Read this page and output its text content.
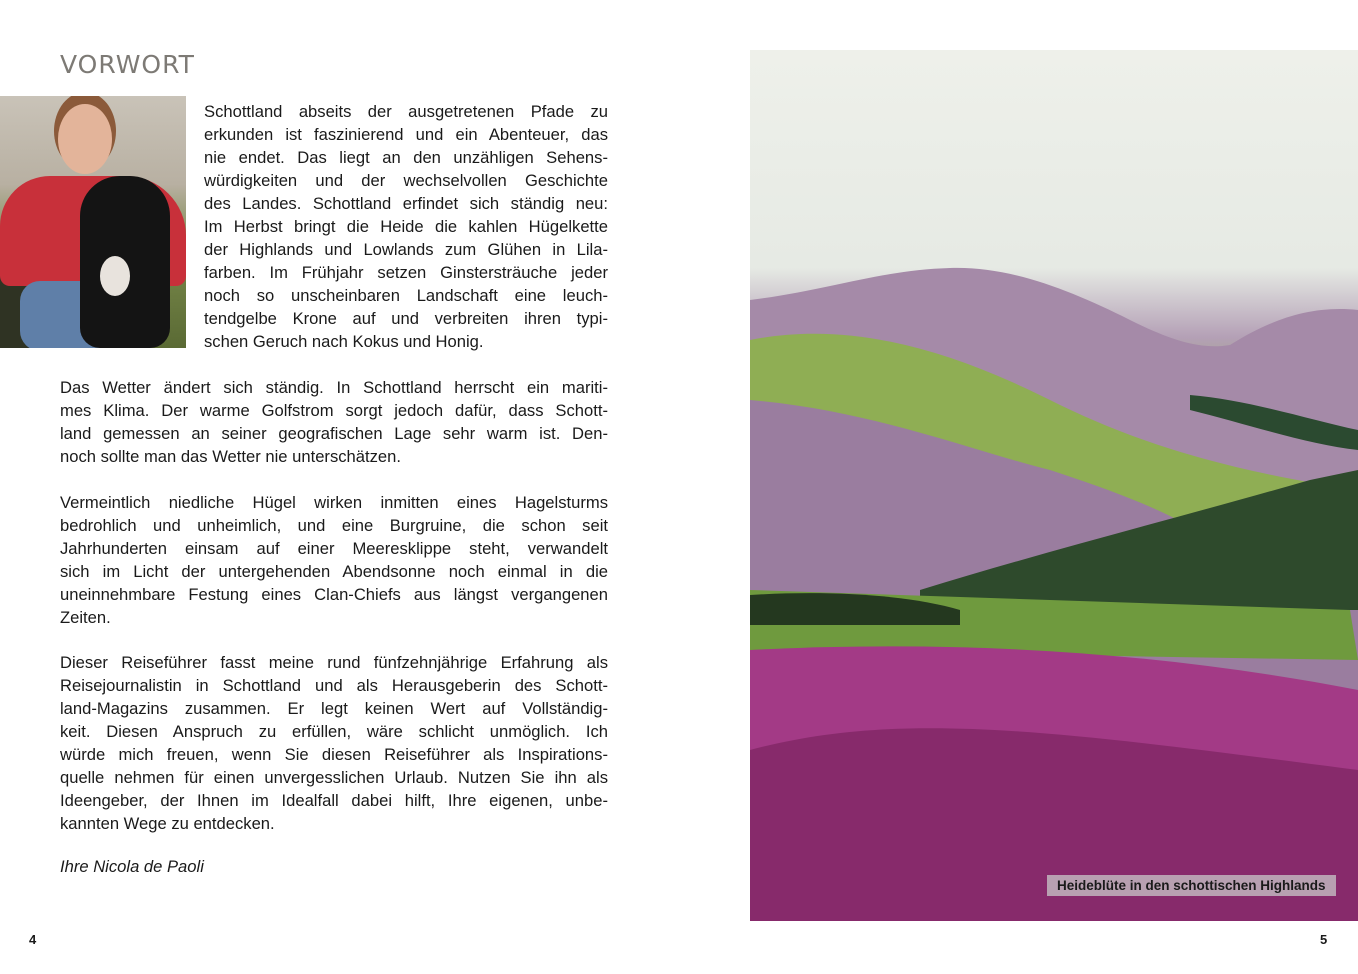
VORWORT
Schottland abseits der ausgetretenen Pfade zu
erkunden ist faszinierend und ein Abenteuer, das
nie endet. Das liegt an den unzähligen Sehens-
würdigkeiten und der wechselvollen Geschichte
des Landes. Schottland erfindet sich ständig neu:
Im Herbst bringt die Heide die kahlen Hügelkette
der Highlands und Lowlands zum Glühen in Lila-
farben. Im Frühjahr setzen Ginstersträuche jeder
noch so unscheinbaren Landschaft eine leuch-
tendgelbe Krone auf und verbreiten ihren typi-
schen Geruch nach Kokus und Honig.
Das Wetter ändert sich ständig. In Schottland herrscht ein mariti-
mes Klima. Der warme Golfstrom sorgt jedoch dafür, dass Schott-
land gemessen an seiner geografischen Lage sehr warm ist. Den-
noch sollte man das Wetter nie unterschätzen.
Vermeintlich niedliche Hügel wirken inmitten eines Hagelsturms
bedrohlich und unheimlich, und eine Burgruine, die schon seit
Jahrhunderten einsam auf einer Meeresklippe steht, verwandelt
sich im Licht der untergehenden Abendsonne noch einmal in die
uneinnehmbare Festung eines Clan-Chiefs aus längst vergangenen
Zeiten.
Dieser Reiseführer fasst meine rund fünfzehnjährige Erfahrung als
Reisejournalistin in Schottland und als Herausgeberin des Schott-
land-Magazins zusammen. Er legt keinen Wert auf Vollständig-
keit. Diesen Anspruch zu erfüllen, wäre schlicht unmöglich. Ich
würde mich freuen, wenn Sie diesen Reiseführer als Inspirations-
quelle nehmen für einen unvergesslichen Urlaub. Nutzen Sie ihn als
Ideengeber, der Ihnen im Idealfall dabei hilft, Ihre eigenen, unbe-
kannten Wege zu entdecken.
Ihre Nicola de Paoli
Heideblüte in den schottischen Highlands
4	5
